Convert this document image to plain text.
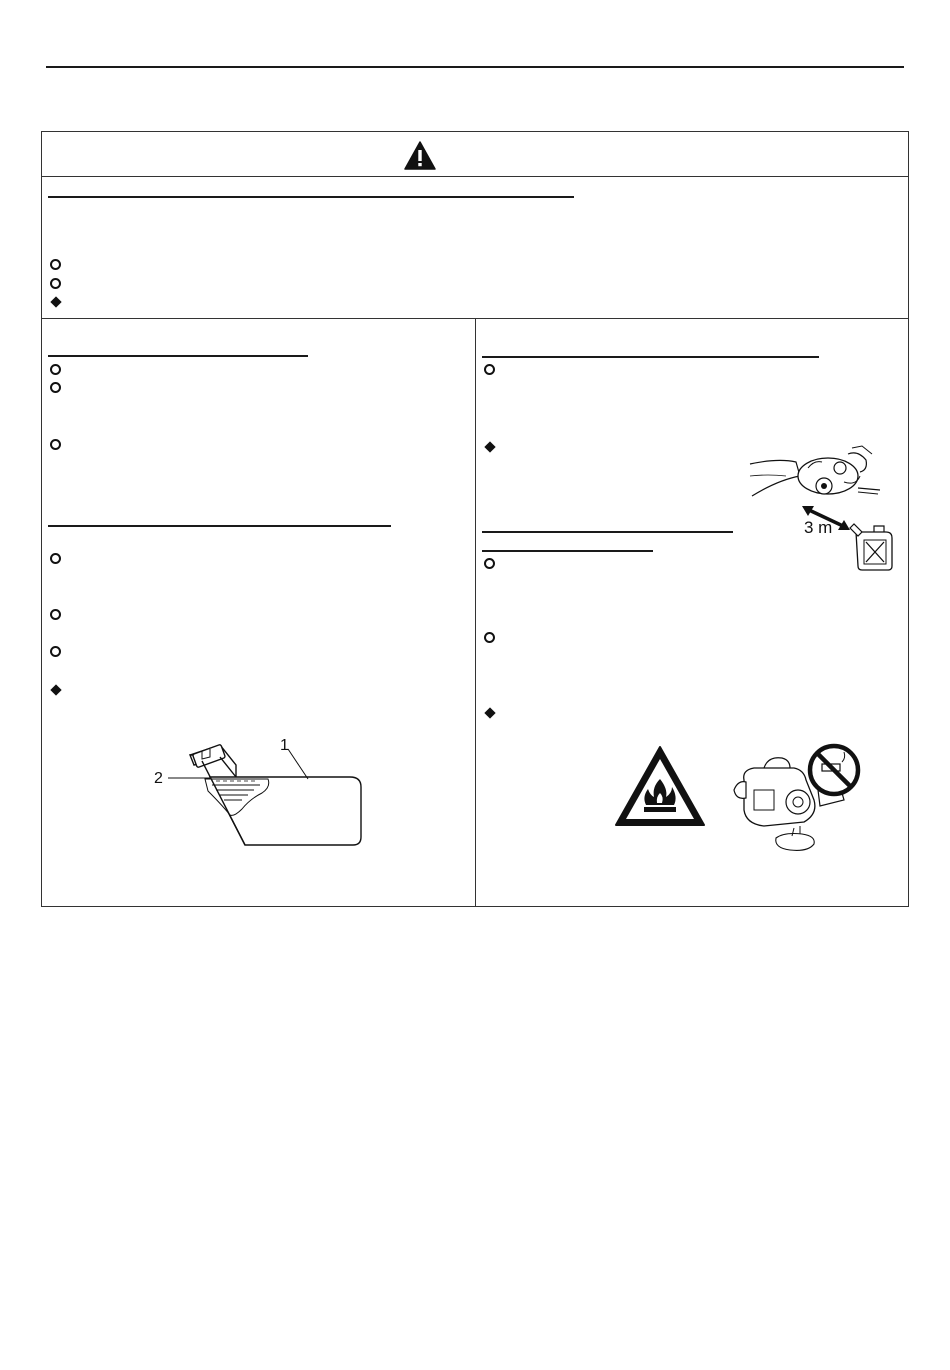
1
2
3 m
